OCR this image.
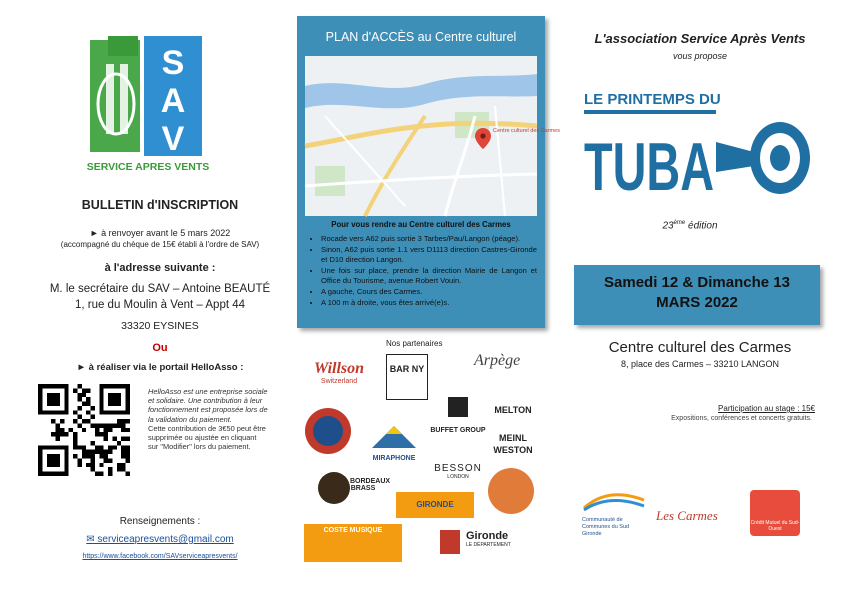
S
A
V
SERVICE APRES VENTS
BULLETIN d'INSCRIPTION
► à renvoyer avant le 5 mars 2022
(accompagné du chèque de 15€ établi à l'ordre de SAV)
à l'adresse suivante :
M. le secrétaire du SAV – Antoine BEAUTÉ
1, rue du Moulin à Vent – Appt 44
33320 EYSINES
Ou
► à réaliser via le portail HelloAsso :
HelloAsso est une entreprise sociale et solidaire. Une contribution à leur fonctionnement est proposée lors de la validation du paiement.
Cette contribution de 3€50 peut être supprimée ou ajustée en cliquant sur "Modifier" lors du paiement.
Renseignements :
✉ serviceapresvents@gmail.com
https://www.facebook.com/SAVserviceapresvents/
PLAN d'ACCÈS au Centre culturel
Centre culturel des Carmes
Pour vous rendre au Centre culturel des Carmes
• Rocade vers A62 puis sortie 3 Tarbes/Pau/Langon (péage).
• Sinon, A62 puis sortie 1.1 vers D1113 direction Castres-Gironde et D10 direction Langon.
• Une fois sur place, prendre la direction Mairie de Langon et Office du Tourisme, avenue Robert Vouin.
• A gauche, Cours des Carmes.
• A 100 m à droite, vous êtes arrivé(e)s.
Nos partenaires
Willson
Switzerland
BAR NY	Arpège
BUFFET GROUP
MELTON
MEINL WESTON
MIRAPHONE
BESSON
LONDON
BORDEAUX BRASS
GIRONDE
COSTE MUSIQUE	Gironde
LE DÉPARTEMENT
L'association Service Après Vents
vous propose
LE PRINTEMPS DU
TUBA
23ème édition
Samedi 12 & Dimanche 13
MARS 2022
Centre culturel des Carmes
8, place des Carmes – 33210 LANGON
Participation au stage : 15€
Expositions, conférences et concerts gratuits.
Communauté de Communes du Sud Gironde
Les Carmes	Crédit Mutuel du Sud-Ouest
